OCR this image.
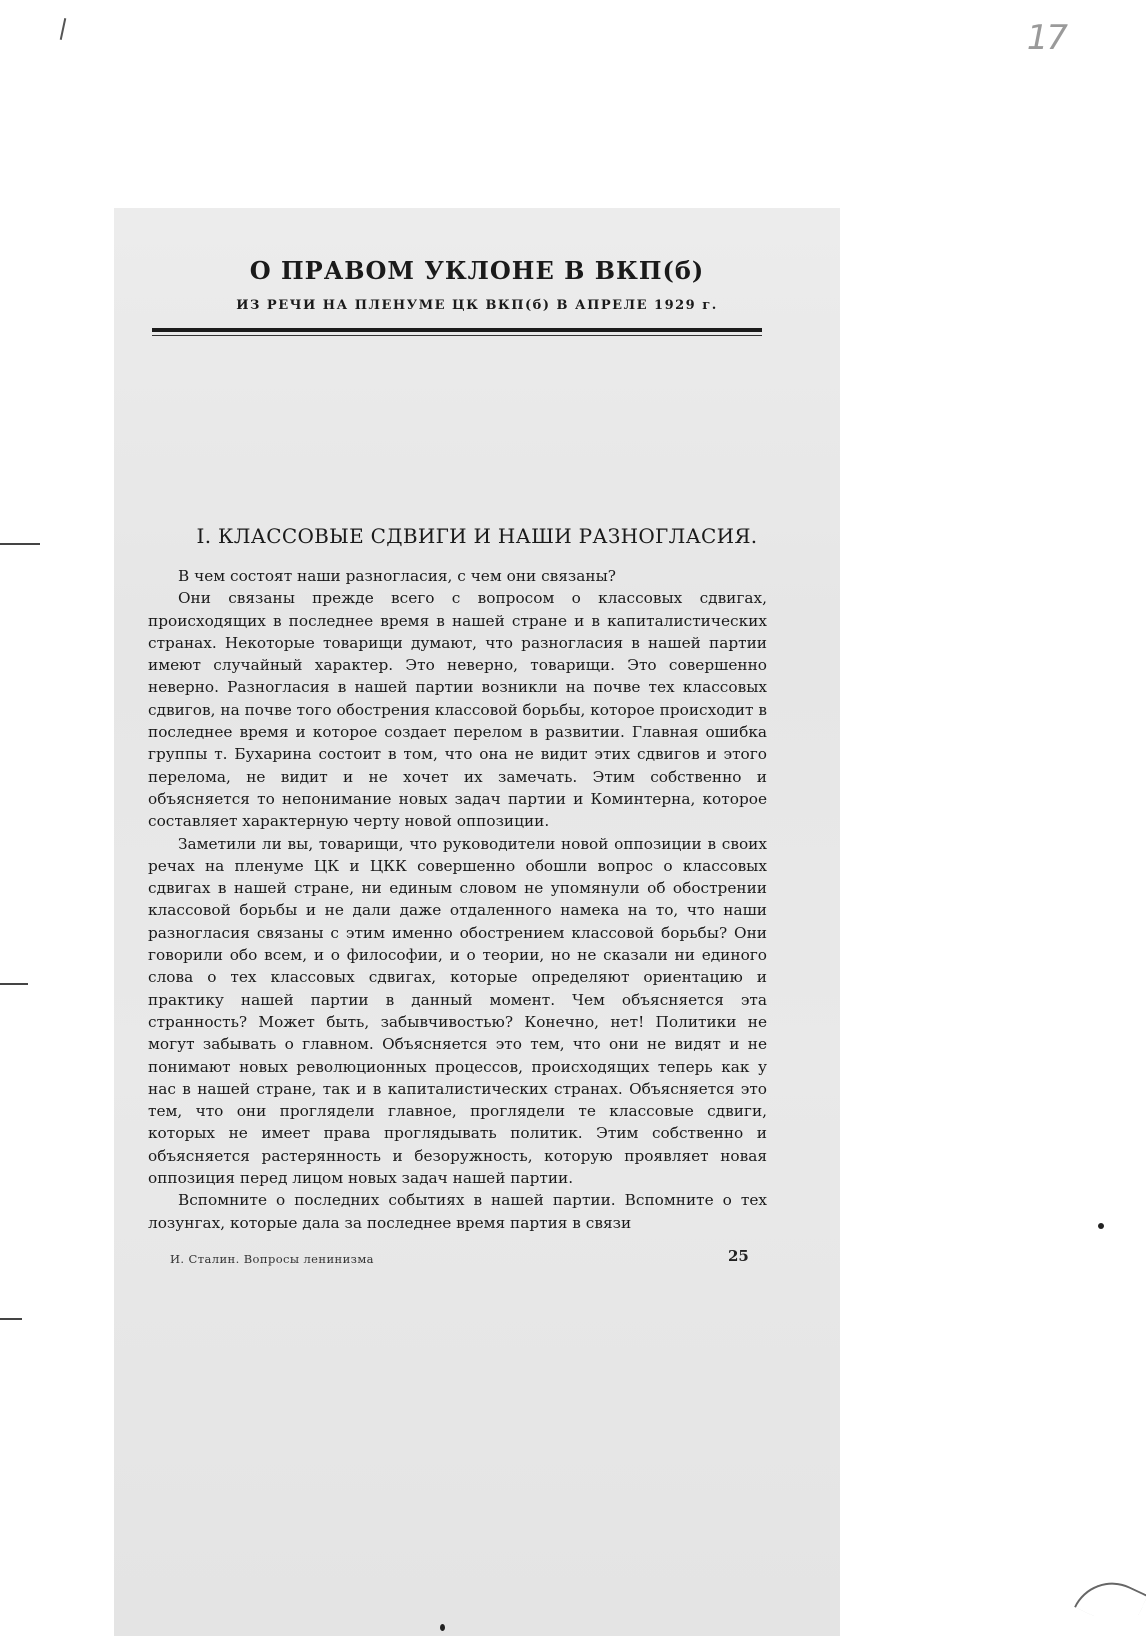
17
О ПРАВОМ УКЛОНЕ В ВКП(б)
ИЗ РЕЧИ НА ПЛЕНУМЕ ЦК ВКП(б) В АПРЕЛЕ 1929 г.
I. КЛАССОВЫЕ СДВИГИ И НАШИ РАЗНОГЛАСИЯ.

В чем состоят наши разногласия, с чем они связаны?

Они связаны прежде всего с вопросом о классовых сдвигах, происходящих в последнее время в нашей стране и в капиталистических странах. Некоторые товарищи думают, что разногласия в нашей партии имеют случайный характер. Это неверно, товарищи. Это совершенно неверно. Разногласия в нашей партии возникли на почве тех классовых сдвигов, на почве того обострения классовой борьбы, которое происходит в последнее время и которое создает перелом в развитии. Главная ошибка группы т. Бухарина состоит в том, что она не видит этих сдвигов и этого перелома, не видит и не хочет их замечать. Этим собственно и объясняется то непонимание новых задач партии и Коминтерна, которое составляет характерную черту новой оппозиции.

Заметили ли вы, товарищи, что руководители новой оппозиции в своих речах на пленуме ЦК и ЦКК совершенно обошли вопрос о классовых сдвигах в нашей стране, ни единым словом не упомянули об обострении классовой борьбы и не дали даже отдаленного намека на то, что наши разногласия связаны с этим именно обострением классовой борьбы? Они говорили обо всем, и о философии, и о теории, но не сказали ни единого слова о тех классовых сдвигах, которые определяют ориентацию и практику нашей партии в данный момент. Чем объясняется эта странность? Может быть, забывчивостью? Конечно, нет! Политики не могут забывать о главном. Объясняется это тем, что они не видят и не понимают новых революционных процессов, происходящих теперь как у нас в нашей стране, так и в капиталистических странах. Объясняется это тем, что они проглядели главное, проглядели те классовые сдвиги, которых не имеет права проглядывать политик. Этим собственно и объясняется растерянность и безоружность, которую проявляет новая оппозиция перед лицом новых задач нашей партии.

Вспомните о последних событиях в нашей партии. Вспомните о тех лозунгах, которые дала за последнее время партия в связи

И. Сталин. Вопросы ленинизма	25
